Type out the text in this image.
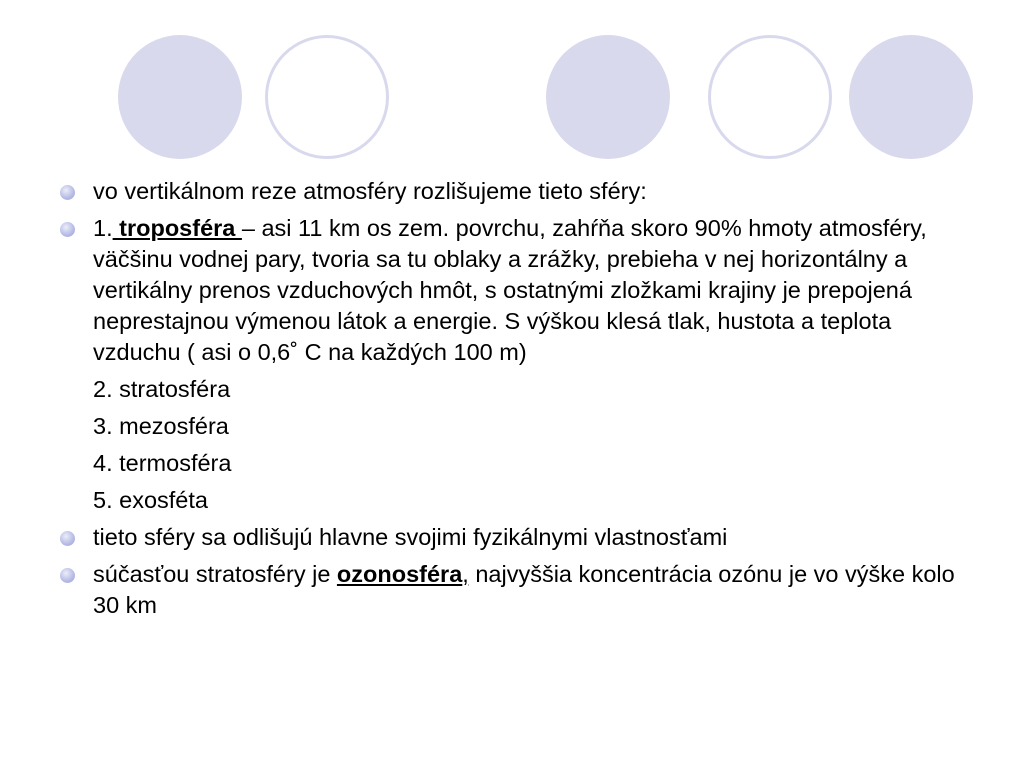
vo vertikálnom reze atmosféry rozlišujeme tieto sféry:
1. troposféra – asi 11 km os zem. povrchu, zahŕňa skoro 90% hmoty atmosféry, väčšinu vodnej pary, tvoria sa tu oblaky a zrážky, prebieha v nej horizontálny a vertikálny prenos vzduchových hmôt, s ostatnými zložkami krajiny je prepojená neprestajnou výmenou látok a energie. S výškou klesá tlak, hustota a teplota vzduchu ( asi o 0,6˚ C na každých 100 m)
2. stratosféra
3. mezosféra
4. termosféra
5. exosféta
tieto sféry sa odlišujú hlavne svojimi fyzikálnymi vlastnosťami
súčasťou stratosféry je ozonosféra, najvyššia koncentrácia ozónu je vo výške kolo 30 km
